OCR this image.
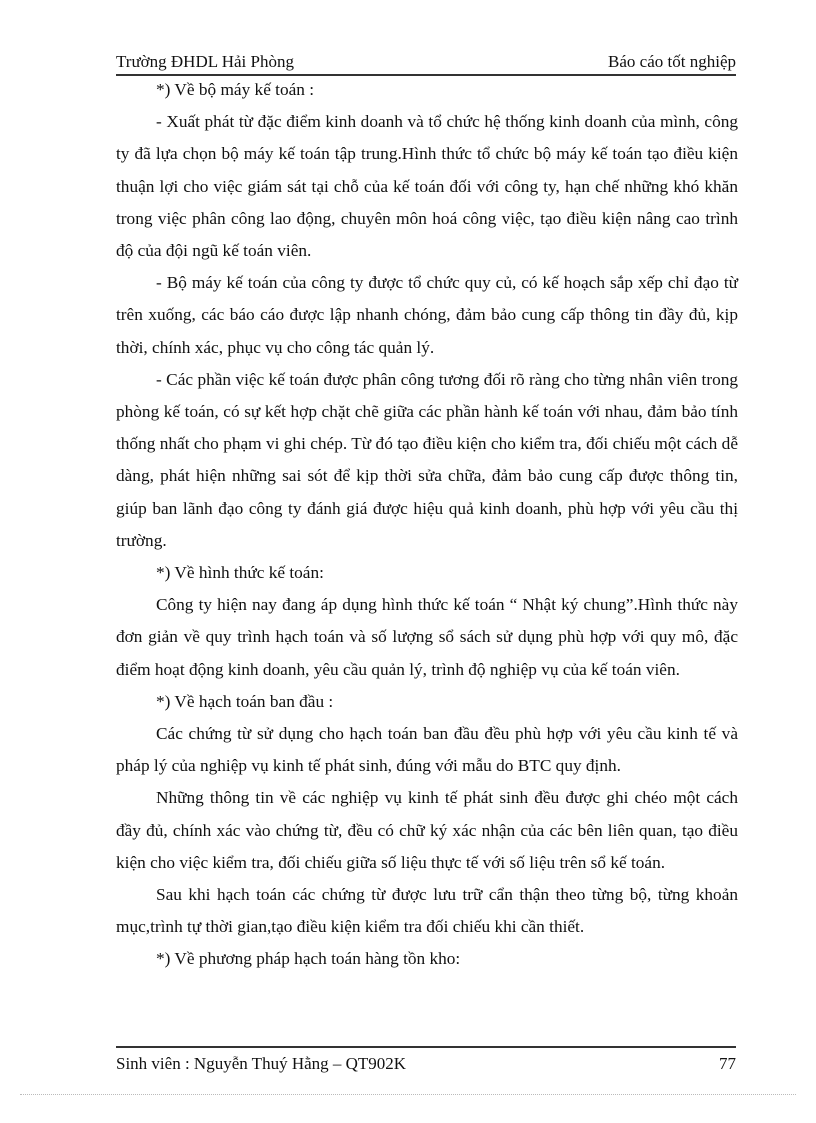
Trường ĐHDL Hải Phòng	Báo cáo tốt nghiệp

*) Về bộ máy kế toán :

- Xuất phát từ đặc điểm kinh doanh và tổ chức hệ thống kinh doanh của mình, công ty đã lựa chọn bộ máy kế toán tập trung.Hình thức tổ chức bộ máy kế toán tạo điều kiện thuận lợi cho việc giám sát tại chỗ của kế toán đối với công ty, hạn chế những khó khăn trong việc phân công lao động, chuyên môn hoá công việc, tạo điều kiện nâng cao trình độ của đội ngũ kế toán viên.

- Bộ máy kế toán của công ty được tổ chức quy củ, có kế hoạch sắp xếp chỉ đạo từ trên xuống, các báo cáo được lập nhanh chóng, đảm bảo cung cấp thông tin đầy đủ, kịp thời, chính xác, phục vụ cho công tác quản lý.

- Các phần việc kế toán được phân công tương đối rõ ràng cho từng nhân viên trong phòng kế toán, có sự kết hợp chặt chẽ giữa các phần hành kế toán với nhau, đảm bảo tính thống nhất cho phạm vi ghi chép. Từ đó tạo điều kiện cho kiểm tra, đối chiếu một cách dễ dàng, phát hiện những sai sót để kịp thời sửa chữa, đảm bảo cung cấp được thông tin, giúp ban lãnh đạo công ty đánh giá được hiệu quả kinh doanh, phù hợp với yêu cầu thị trường.

*) Về hình thức kế toán:

Công ty hiện nay đang áp dụng hình thức kế toán “ Nhật ký chung”.Hình thức này đơn giản về quy trình hạch toán và số lượng sổ sách sử dụng phù hợp với quy mô, đặc điểm hoạt động kinh doanh, yêu cầu quản lý, trình độ nghiệp vụ của kế toán viên.

*) Về hạch toán ban đầu :

Các chứng từ sử dụng cho hạch toán ban đầu đều phù hợp với yêu cầu kinh tế và pháp lý của nghiệp vụ kinh tế phát sinh, đúng với mẫu do BTC quy định.

Những thông tin về các nghiệp vụ kinh tế phát sinh đều được ghi chéo một cách đầy đủ, chính xác vào chứng từ, đều có chữ ký xác nhận của các bên liên quan, tạo điều kiện cho việc kiểm tra, đối chiếu giữa số liệu thực tế với số liệu trên sổ kế toán.

Sau khi hạch toán các chứng từ được lưu trữ cẩn thận theo từng bộ, từng khoản mục,trình tự thời gian,tạo điều kiện kiểm tra đối chiếu khi cần thiết.

*) Về phương pháp hạch toán hàng tồn kho:

Sinh viên : Nguyễn Thuý Hằng – QT902K	77
